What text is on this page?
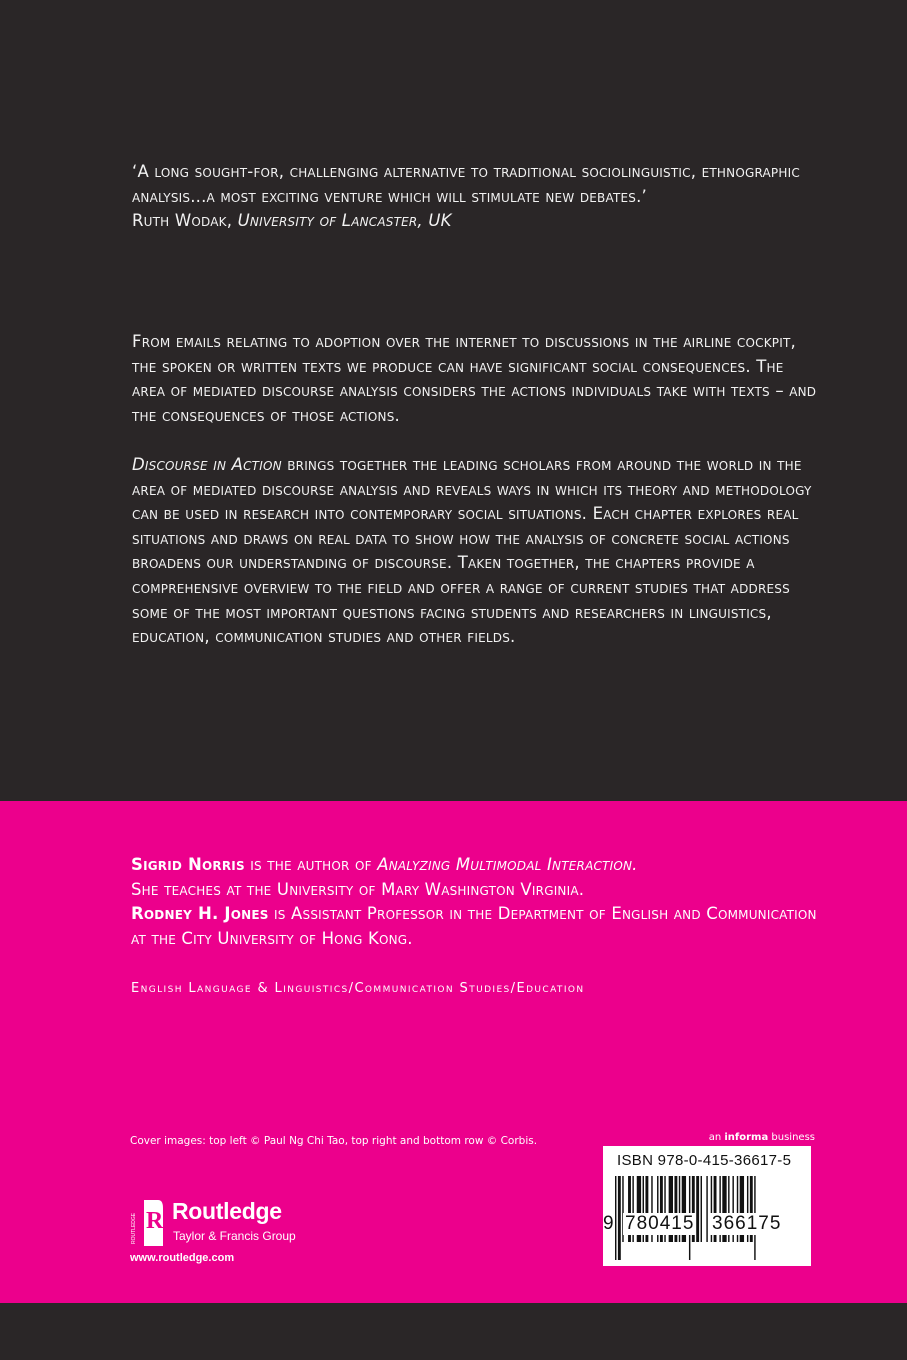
‘A long sought-for, challenging alternative to traditional sociolinguistic, ethnographic analysis...a most exciting venture which will stimulate new debates.’

Ruth Wodak, University of Lancaster, UK

From emails relating to adoption over the internet to discussions in the airline cockpit, the spoken or written texts we produce can have significant social consequences. The area of mediated discourse analysis considers the actions individuals take with texts – and the consequences of those actions.

Discourse in Action brings together the leading scholars from around the world in the area of mediated discourse analysis and reveals ways in which its theory and methodology can be used in research into contemporary social situations. Each chapter explores real situations and draws on real data to show how the analysis of concrete social actions broadens our understanding of discourse. Taken together, the chapters provide a comprehensive overview to the field and offer a range of current studies that address some of the most important questions facing students and researchers in linguistics, education, communication studies and other fields.

Sigrid Norris is the author of Analyzing Multimodal Interaction.

She teaches at the University of Mary Washington Virginia.

Rodney H. Jones is Assistant Professor in the Department of English and Communication at the City University of Hong Kong.

English Language & Linguistics/Communication Studies/Education
Cover images: top left © Paul Ng Chi Tao, top right and bottom row © Corbis.	an informa business
ROUTLEDGE R Routledge
Taylor & Francis Group
www.routledge.com
ISBN 978-0-415-36617-5
9 780415 366175
